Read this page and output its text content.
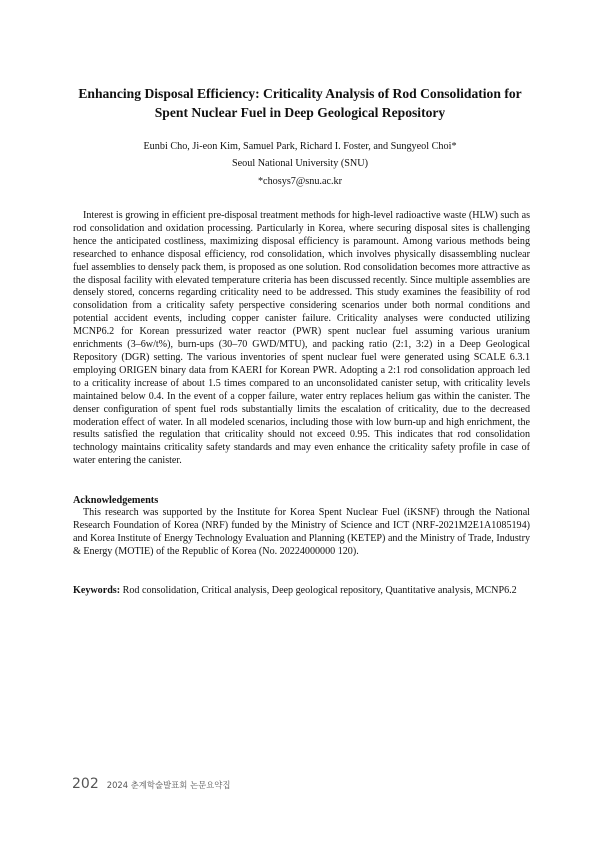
Enhancing Disposal Efficiency: Criticality Analysis of Rod Consolidation for
Spent Nuclear Fuel in Deep Geological Repository
Eunbi Cho, Ji-eon Kim, Samuel Park, Richard I. Foster, and Sungyeol Choi*
Seoul National University (SNU)
*chosys7@snu.ac.kr

Interest is growing in efficient pre-disposal treatment methods for high-level radioactive waste (HLW) such as rod consolidation and oxidation processing. Particularly in Korea, where securing disposal sites is challenging hence the anticipated costliness, maximizing disposal efficiency is paramount. Among various methods being researched to enhance disposal efficiency, rod consolidation, which involves physically disassembling nuclear fuel assemblies to densely pack them, is proposed as one solution. Rod consolidation becomes more attractive as the disposal facility with elevated temperature criteria has been discussed recently. Since multiple assemblies are densely stored, concerns regarding criticality need to be addressed. This study examines the feasibility of rod consolidation from a criticality safety perspective considering scenarios under both normal conditions and potential accident events, including copper canister failure. Criticality analyses were conducted utilizing MCNP6.2 for Korean pressurized water reactor (PWR) spent nuclear fuel assuming various uranium enrichments (3–6w/t%), burn-ups (30–70 GWD/MTU), and packing ratio (2:1, 3:2) in a Deep Geological Repository (DGR) setting. The various inventories of spent nuclear fuel were generated using SCALE 6.3.1 employing ORIGEN binary data from KAERI for Korean PWR. Adopting a 2:1 rod consolidation approach led to a criticality increase of about 1.5 times compared to an unconsolidated canister setup, with criticality levels maintained below 0.4. In the event of a copper failure, water entry replaces helium gas within the canister. The denser configuration of spent fuel rods substantially limits the escalation of criticality, due to the decreased moderation effect of water. In all modeled scenarios, including those with low burn-up and high enrichment, the results satisfied the regulation that criticality should not exceed 0.95. This indicates that rod consolidation technology maintains criticality safety standards and may even enhance the criticality safety profile in case of water entering the canister.

Acknowledgements

This research was supported by the Institute for Korea Spent Nuclear Fuel (iKSNF) through the National Research Foundation of Korea (NRF) funded by the Ministry of Science and ICT (NRF-2021M2E1A1085194) and Korea Institute of Energy Technology Evaluation and Planning (KETEP) and the Ministry of Trade, Industry & Energy (MOTIE) of the Republic of Korea (No. 20224000000 120).

Keywords: Rod consolidation, Critical analysis, Deep geological repository, Quantitative analysis, MCNP6.2

202 2024 춘계학술발표회 논문요약집
